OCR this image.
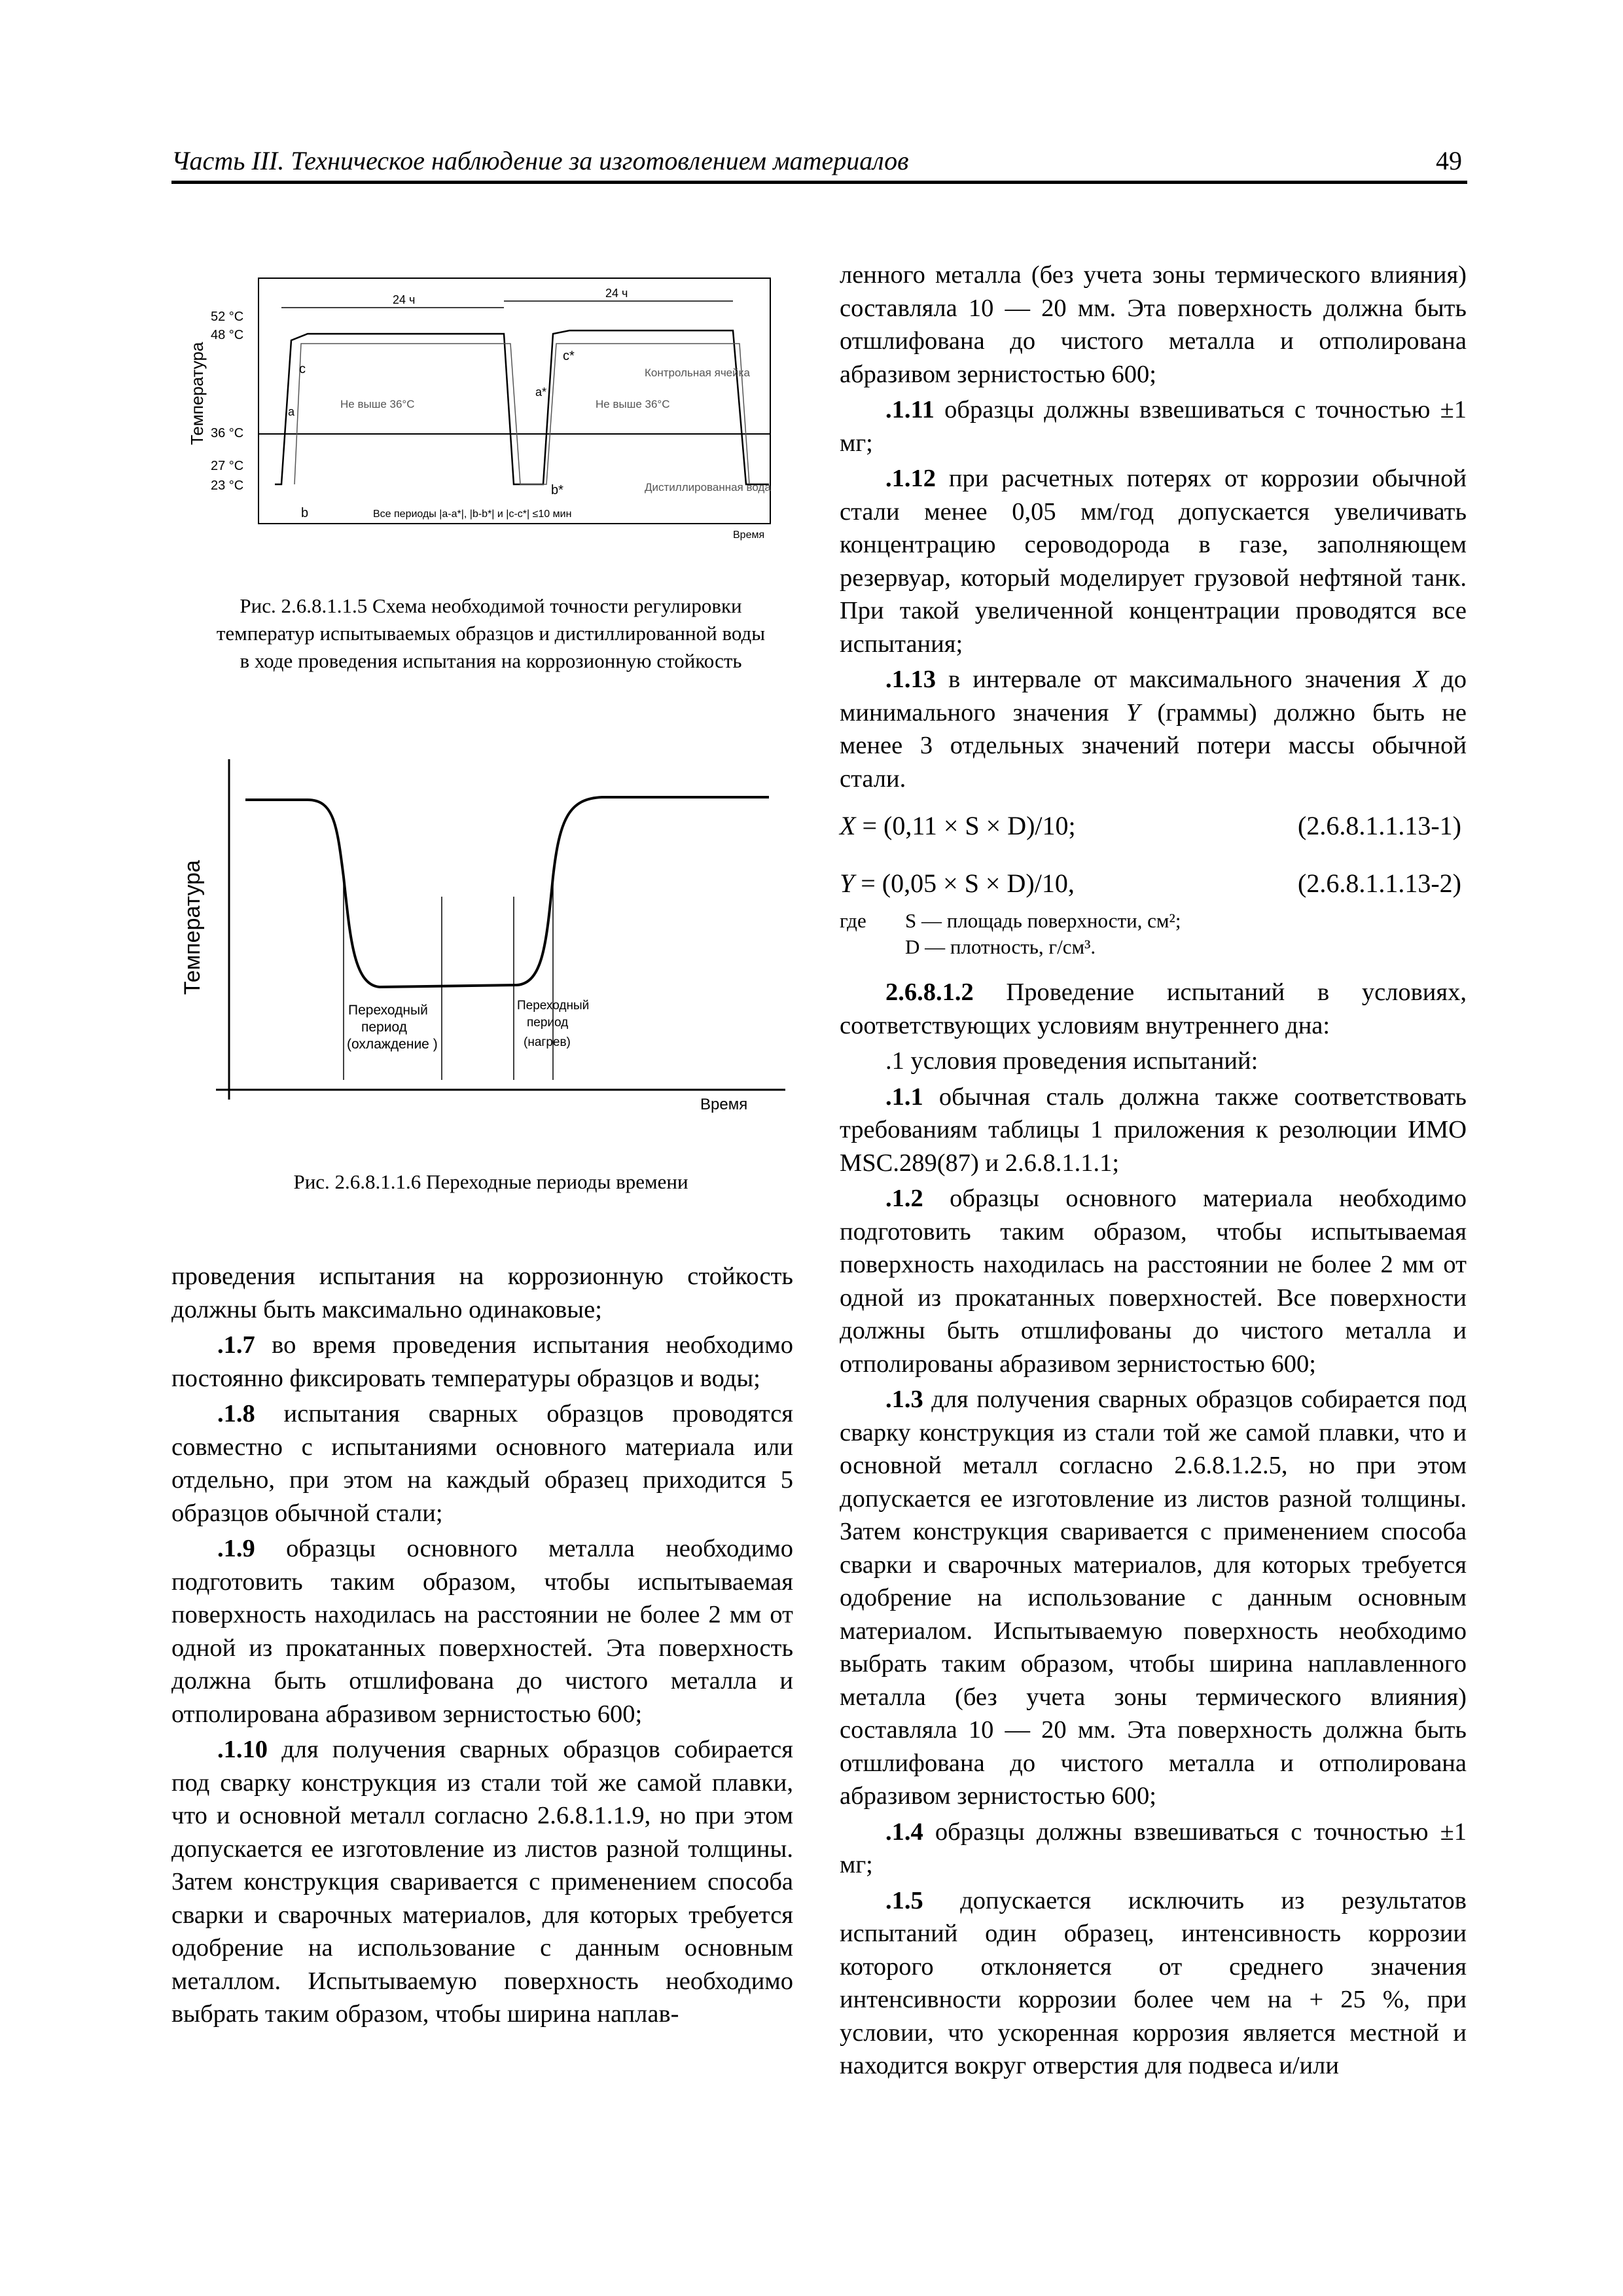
Часть III. Техническое наблюдение за изготовлением материалов	49
Температура
52 °C
48 °C
36 °C
27 °C
23 °C
24 ч	24 ч
c
a
b
c*
a*
b*
Контрольная ячейка
Не выше 36°C	Не выше 36°C
Дистиллированная вода
Все периоды |a-a*|, |b-b*| и |c-c*| ≤10 мин
Время
Рис. 2.6.8.1.1.5 Схема необходимой точности регулировки
температур испытываемых образцов и дистиллированной воды
в ходе проведения испытания на коррозионную стойкость
Температура
Время
Переходный
период
(охлаждение )
Переходный
период
(нагрев)
Рис. 2.6.8.1.1.6 Переходные периоды времени

проведения испытания на коррозионную стойкость должны быть максимально одинаковые;

.1.7 во время проведения испытания необходимо постоянно фиксировать температуры образцов и воды;

.1.8 испытания сварных образцов проводятся совместно с испытаниями основного материала или отдельно, при этом на каждый образец приходится 5 образцов обычной стали;

.1.9 образцы основного металла необходимо подготовить таким образом, чтобы испытываемая поверхность находилась на расстоянии не более 2 мм от одной из прокатанных поверхностей. Эта поверхность должна быть отшлифована до чистого металла и отполирована абразивом зернистостью 600;

.1.10 для получения сварных образцов собирается под сварку конструкция из стали той же самой плавки, что и основной металл согласно 2.6.8.1.1.9, но при этом допускается ее изготовление из листов разной толщины. Затем конструкция сваривается с применением способа сварки и сварочных материалов, для которых требуется одобрение на использование с данным основным металлом. Испытываемую поверхность необходимо выбрать таким образом, чтобы ширина наплав-

ленного металла (без учета зоны термического влияния) составляла 10 — 20 мм. Эта поверхность должна быть отшлифована до чистого металла и отполирована абразивом зернистостью 600;

.1.11 образцы должны взвешиваться с точностью ±1 мг;

.1.12 при расчетных потерях от коррозии обычной стали менее 0,05 мм/год допускается увеличивать концентрацию сероводорода в газе, заполняющем резервуар, который моделирует грузовой нефтяной танк. При такой увеличенной концентрации проводятся все испытания;

.1.13 в интервале от максимального значения X до минимального значения Y (граммы) должно быть не менее 3 отдельных значений потери массы обычной стали.

X = (0,11 × S × D)/10;	(2.6.8.1.1.13-1)
Y = (0,05 × S × D)/10,	(2.6.8.1.1.13-2)
где S — площадь поверхности, см²;
D — плотность, г/см³.

2.6.8.1.2 Проведение испытаний в условиях, соответствующих условиям внутреннего дна:

.1 условия проведения испытаний:

.1.1 обычная сталь должна также соответствовать требованиям таблицы 1 приложения к резолюции ИМО MSC.289(87) и 2.6.8.1.1.1;

.1.2 образцы основного материала необходимо подготовить таким образом, чтобы испытываемая поверхность находилась на расстоянии не более 2 мм от одной из прокатанных поверхностей. Все поверхности должны быть отшлифованы до чистого металла и отполированы абразивом зернистостью 600;

.1.3 для получения сварных образцов собирается под сварку конструкция из стали той же самой плавки, что и основной металл согласно 2.6.8.1.2.5, но при этом допускается ее изготовление из листов разной толщины. Затем конструкция сваривается с применением способа сварки и сварочных материалов, для которых требуется одобрение на использование с данным основным материалом. Испытываемую поверхность необходимо выбрать таким образом, чтобы ширина наплавленного металла (без учета зоны термического влияния) составляла 10 — 20 мм. Эта поверхность должна быть отшлифована до чистого металла и отполирована абразивом зернистостью 600;

.1.4 образцы должны взвешиваться с точностью ±1 мг;

.1.5 допускается исключить из результатов испытаний один образец, интенсивность коррозии которого отклоняется от среднего значения интенсивности коррозии более чем на + 25 %, при условии, что ускоренная коррозия является местной и находится вокруг отверстия для подвеса и/или
